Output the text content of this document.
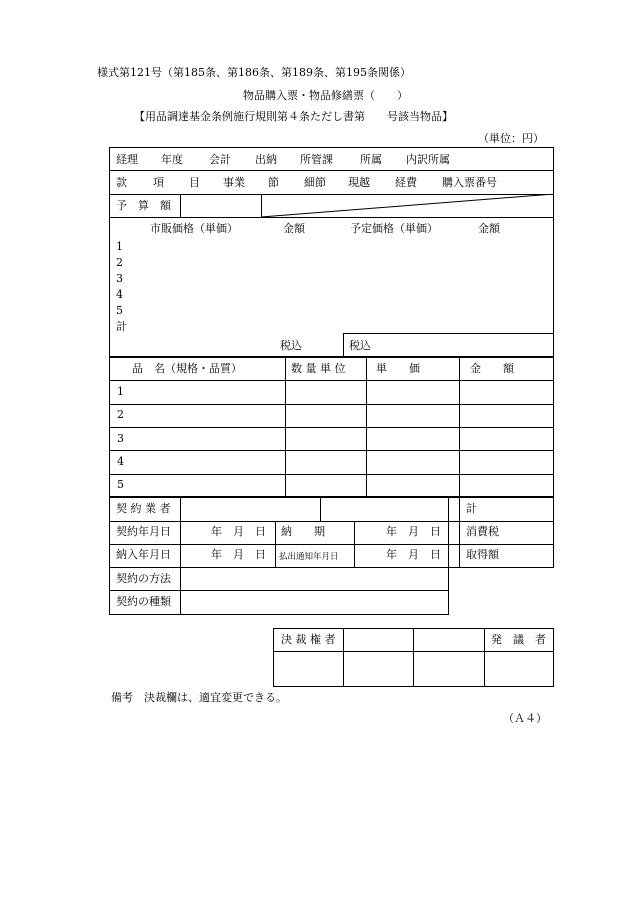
様式第121号（第185条、第186条、第189条、第195条関係）
物品購入票・物品修繕票（　　）
【用品調達基金条例施行規則第４条ただし書第　　号該当物品】
（単位：円）
経理 年度 会計 出納 所管課 所属 内訳所属
款 項 目 事業 節 細節 現越 経費 購入票番号
予　算　額
市販価格（単価）	金額	予定価格（単価）	金額
1
2
3
4
5
計
税込	税込
品　名（規格・品質）	数 量 単 位	単　　価	金　　額
1
2
3
4
5
契 約 業 者	計
契約年月日	年　月　日 納　　期	年　月　日 消費税
納入年月日	年　月　日 払出通知年月日	年　月　日 取得額
契約の方法
契約の種類
決 裁 権 者	発　議　者
備考　決裁欄は、適宜変更できる。
（Ａ４）
